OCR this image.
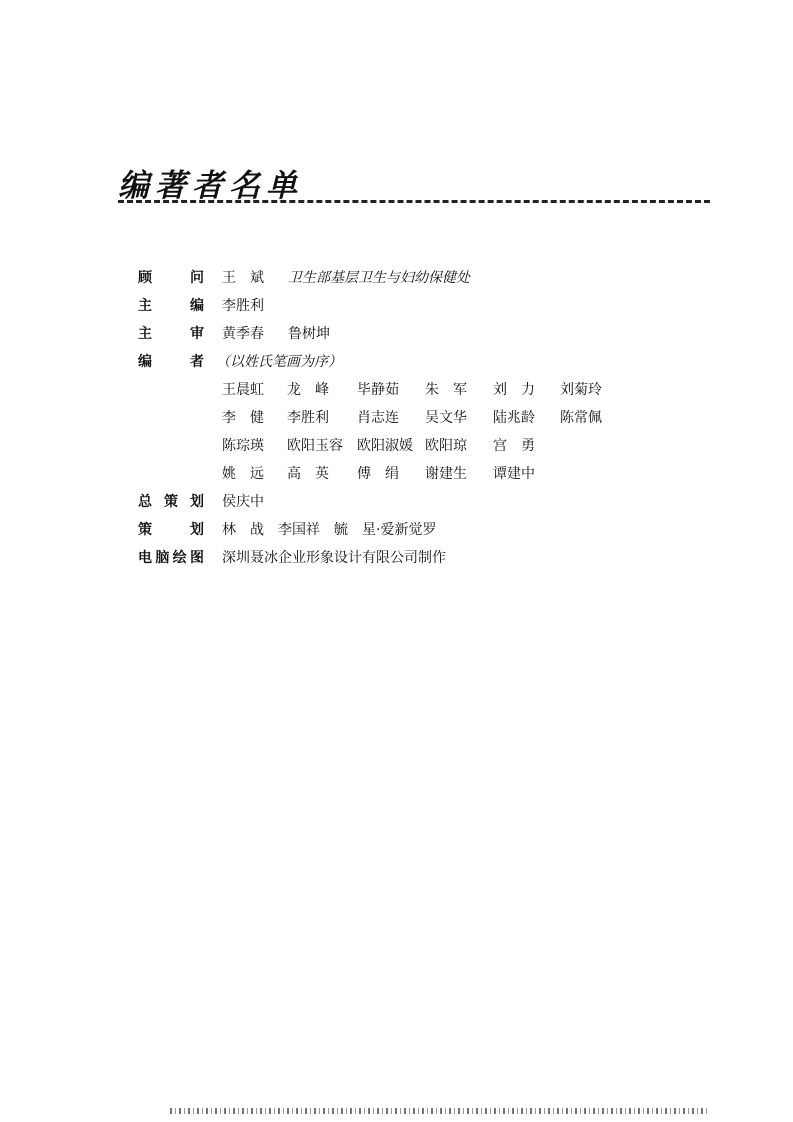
编著者名单
顾	问 王　斌 卫生部基层卫生与妇幼保健处
主	编 李胜利
主	审 黄季春 鲁树坤
编	者 （以姓氏笔画为序）
王晨虹 龙　峰 毕静茹 朱　军 刘　力 刘菊玲
李　健 李胜利 肖志连 吴文华 陆兆龄 陈常佩
陈琮瑛 欧阳玉容 欧阳淑媛 欧阳琼 宫　勇
姚　远 高　英 傅　绢 谢建生 谭建中
总 策 划 侯庆中
策	划 林　战　李国祥　毓　星·爱新觉罗
电 脑 绘 图 深圳聂冰企业形象设计有限公司制作
